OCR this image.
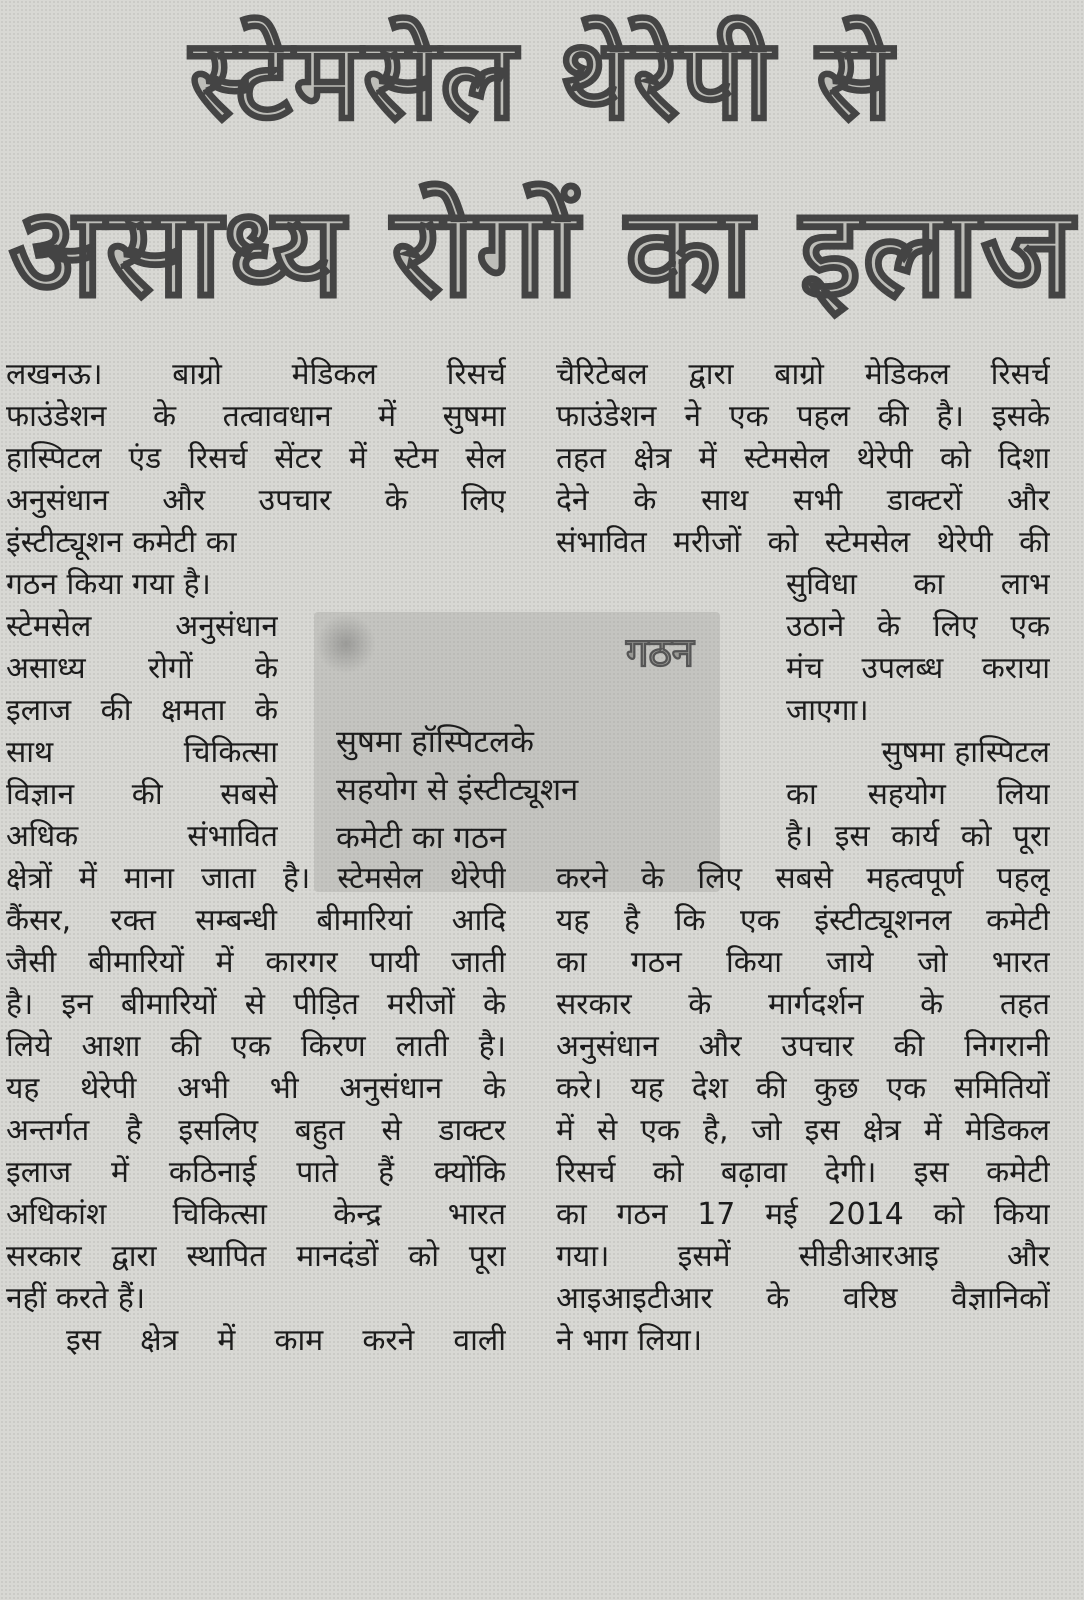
स्टेमसेल थेरेपी से
असाध्य रोगों का इलाज
गठन
सुषमा हॉस्पिटलके
सहयोग से इंस्टीट्यूशन
कमेटी का गठन
लखनऊ। बाग्रो मेडिकल रिसर्च
फाउंडेशन के तत्वावधान में सुषमा
हास्पिटल एंड रिसर्च सेंटर में स्टेम सेल
अनुसंधान और उपचार के लिए
इंस्टीट्यूशन कमेटी का
गठन किया गया है।
स्टेमसेल अनुसंधान
असाध्य रोगों के
इलाज की क्षमता के
साथ चिकित्सा
विज्ञान की सबसे
अधिक संभावित
क्षेत्रों में माना जाता है। स्टेमसेल थेरेपी
कैंसर, रक्त सम्बन्धी बीमारियां आदि
जैसी बीमारियों में कारगर पायी जाती
है। इन बीमारियों से पीड़ित मरीजों के
लिये आशा की एक किरण लाती है।
यह थेरेपी अभी भी अनुसंधान के
अन्तर्गत है इसलिए बहुत से डाक्टर
इलाज में कठिनाई पाते हैं क्योंकि
अधिकांश चिकित्सा केन्द्र भारत
सरकार द्वारा स्थापित मानदंडों को पूरा
नहीं करते हैं।
इस क्षेत्र में काम करने वाली
चैरिटेबल द्वारा बाग्रो मेडिकल रिसर्च
फाउंडेशन ने एक पहल की है। इसके
तहत क्षेत्र में स्टेमसेल थेरेपी को दिशा
देने के साथ सभी डाक्टरों और
संभावित मरीजों को स्टेमसेल थेरेपी की
सुविधा का लाभ
उठाने के लिए एक
मंच उपलब्ध कराया
जाएगा।
सुषमा हास्पिटल
का सहयोग लिया
है। इस कार्य को पूरा
करने के लिए सबसे महत्वपूर्ण पहलू
यह है कि एक इंस्टीट्यूशनल कमेटी
का गठन किया जाये जो भारत
सरकार के मार्गदर्शन के तहत
अनुसंधान और उपचार की निगरानी
करे। यह देश की कुछ एक समितियों
में से एक है, जो इस क्षेत्र में मेडिकल
रिसर्च को बढ़ावा देगी। इस कमेटी
का गठन 17 मई 2014 को किया
गया। इसमें सीडीआरआइ और
आइआइटीआर के वरिष्ठ वैज्ञानिकों
ने भाग लिया।
